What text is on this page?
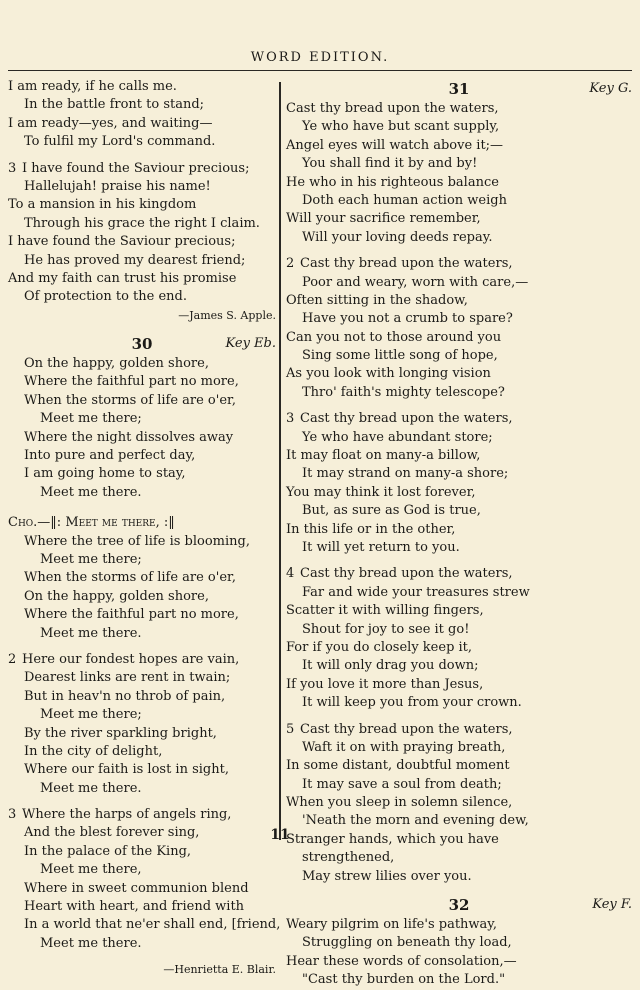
WORD EDITION.
I am ready, if he calls me.
In the battle front to stand;
I am ready—yes, and waiting—
To fulfil my Lord's command.
3 I have found the Saviour precious;
Hallelujah! praise his name!
To a mansion in his kingdom
Through his grace the right I claim.
I have found the Saviour precious;
He has proved my dearest friend;
And my faith can trust his promise
Of protection to the end.
—James S. Apple.
30	Key Eb.
On the happy, golden shore,
Where the faithful part no more,
When the storms of life are o'er,
Meet me there;
Where the night dissolves away
Into pure and perfect day,
I am going home to stay,
Meet me there.
Cho.—‖: Meet me there, :‖
Where the tree of life is blooming,
Meet me there;
When the storms of life are o'er,
On the happy, golden shore,
Where the faithful part no more,
Meet me there.
2 Here our fondest hopes are vain,
Dearest links are rent in twain;
But in heav'n no throb of pain,
Meet me there;
By the river sparkling bright,
In the city of delight,
Where our faith is lost in sight,
Meet me there.
3 Where the harps of angels ring,
And the blest forever sing,
In the palace of the King,
Meet me there,
Where in sweet communion blend
Heart with heart, and friend with
In a world that ne'er shall end, [friend,
Meet me there.
—Henrietta E. Blair.
31	Key G.
Cast thy bread upon the waters,
Ye who have but scant supply,
Angel eyes will watch above it;—
You shall find it by and by!
He who in his righteous balance
Doth each human action weigh
Will your sacrifice remember,
Will your loving deeds repay.
2 Cast thy bread upon the waters,
Poor and weary, worn with care,—
Often sitting in the shadow,
Have you not a crumb to spare?
Can you not to those around you
Sing some little song of hope,
As you look with longing vision
Thro' faith's mighty telescope?
3 Cast thy bread upon the waters,
Ye who have abundant store;
It may float on many-a billow,
It may strand on many-a shore;
You may think it lost forever,
But, as sure as God is true,
In this life or in the other,
It will yet return to you.
4 Cast thy bread upon the waters,
Far and wide your treasures strew
Scatter it with willing fingers,
Shout for joy to see it go!
For if you do closely keep it,
It will only drag you down;
If you love it more than Jesus,
It will keep you from your crown.
5 Cast thy bread upon the waters,
Waft it on with praying breath,
In some distant, doubtful moment
It may save a soul from death;
When you sleep in solemn silence,
'Neath the morn and evening dew,
Stranger hands, which you have
strengthened,
May strew lilies over you.
32	Key F.
Weary pilgrim on life's pathway,
Struggling on beneath thy load,
Hear these words of consolation,—
"Cast thy burden on the Lord."
11
